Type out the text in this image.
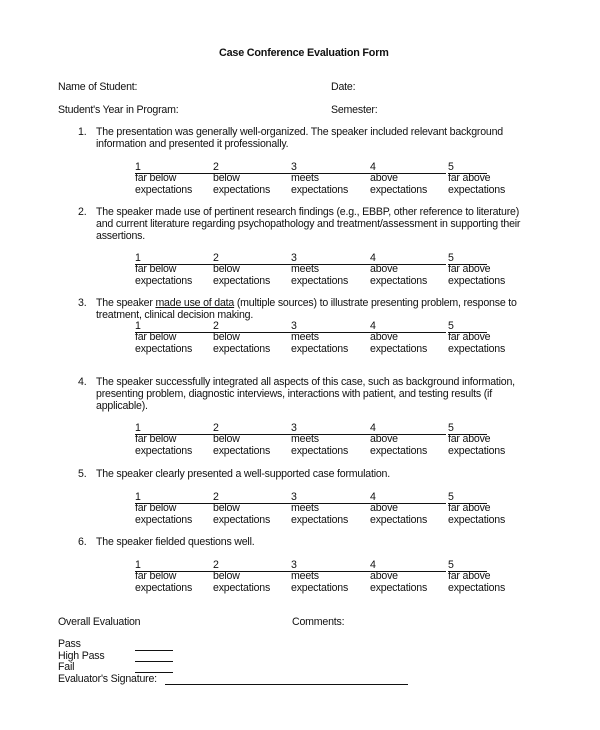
Case Conference Evaluation Form
Name of Student:	Date:
Student's Year in Program:	Semester:
1. The presentation was generally well-organized. The speaker included relevant background
information and presented it professionally.
1
far below
expectations
2
below
expectations
3
meets
expectations
4
above
expectations
5
far above
expectations
2. The speaker made use of pertinent research findings (e.g., EBBP, other reference to literature)
and current literature regarding psychopathology and treatment/assessment in supporting their
assertions.
1
far below
expectations
2
below
expectations
3
meets
expectations
4
above
expectations
5
far above
expectations
3. The speaker made use of data (multiple sources) to illustrate presenting problem, response to
treatment, clinical decision making.
1
far below
expectations
2
below
expectations
3
meets
expectations
4
above
expectations
5
far above
expectations
4. The speaker successfully integrated all aspects of this case, such as background information,
presenting problem, diagnostic interviews, interactions with patient, and testing results (if
applicable).
1
far below
expectations
2
below
expectations
3
meets
expectations
4
above
expectations
5
far above
expectations
5. The speaker clearly presented a well-supported case formulation.
1
far below
expectations
2
below
expectations
3
meets
expectations
4
above
expectations
5
far above
expectations
6. The speaker fielded questions well.
1
far below
expectations
2
below
expectations
3
meets
expectations
4
above
expectations
5
far above
expectations
Overall Evaluation	Comments:
Pass
High Pass
Fail
Evaluator's Signature:
